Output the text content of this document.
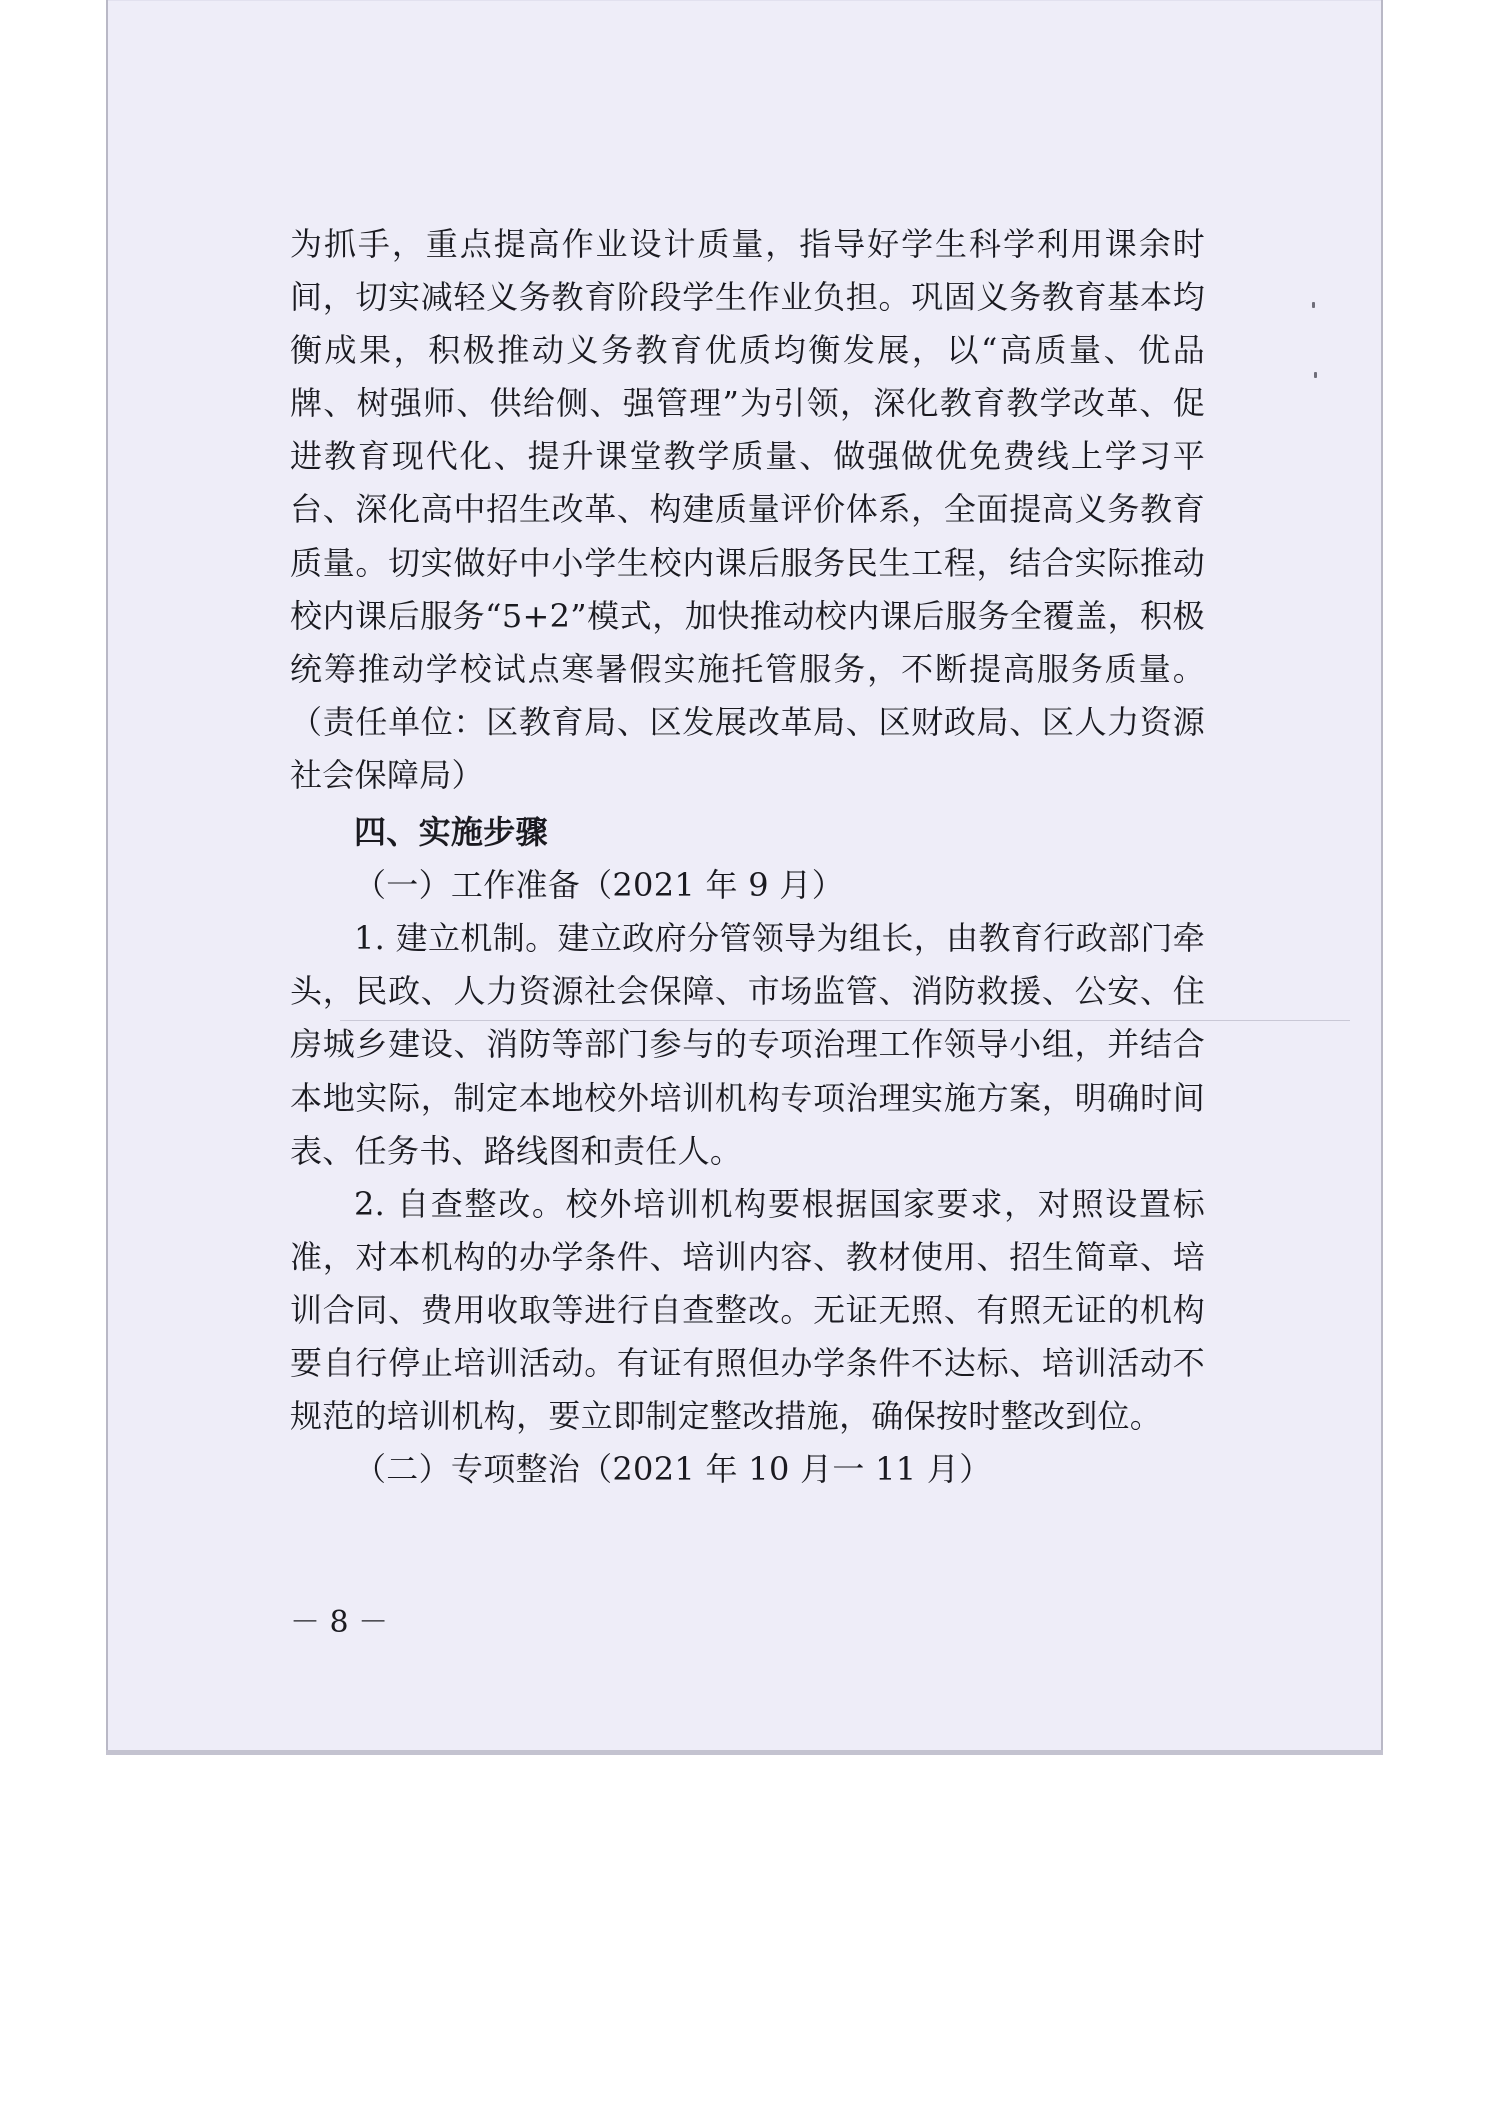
为抓手，重点提高作业设计质量，指导好学生科学利用课余时间，切实减轻义务教育阶段学生作业负担。巩固义务教育基本均衡成果，积极推动义务教育优质均衡发展，以“高质量、优品牌、树强师、供给侧、强管理”为引领，深化教育教学改革、促进教育现代化、提升课堂教学质量、做强做优免费线上学习平台、深化高中招生改革、构建质量评价体系，全面提高义务教育质量。切实做好中小学生校内课后服务民生工程，结合实际推动校内课后服务“5+2”模式，加快推动校内课后服务全覆盖，积极统筹推动学校试点寒暑假实施托管服务，不断提高服务质量。（责任单位：区教育局、区发展改革局、区财政局、区人力资源社会保障局）

四、实施步骤

（一）工作准备（2021 年 9 月）

1. 建立机制。建立政府分管领导为组长，由教育行政部门牵头，民政、人力资源社会保障、市场监管、消防救援、公安、住房城乡建设、消防等部门参与的专项治理工作领导小组，并结合本地实际，制定本地校外培训机构专项治理实施方案，明确时间表、任务书、路线图和责任人。

2. 自查整改。校外培训机构要根据国家要求，对照设置标准，对本机构的办学条件、培训内容、教材使用、招生简章、培训合同、费用收取等进行自查整改。无证无照、有照无证的机构要自行停止培训活动。有证有照但办学条件不达标、培训活动不规范的培训机构，要立即制定整改措施，确保按时整改到位。

（二）专项整治（2021 年 10 月一 11 月）

－ 8 －
